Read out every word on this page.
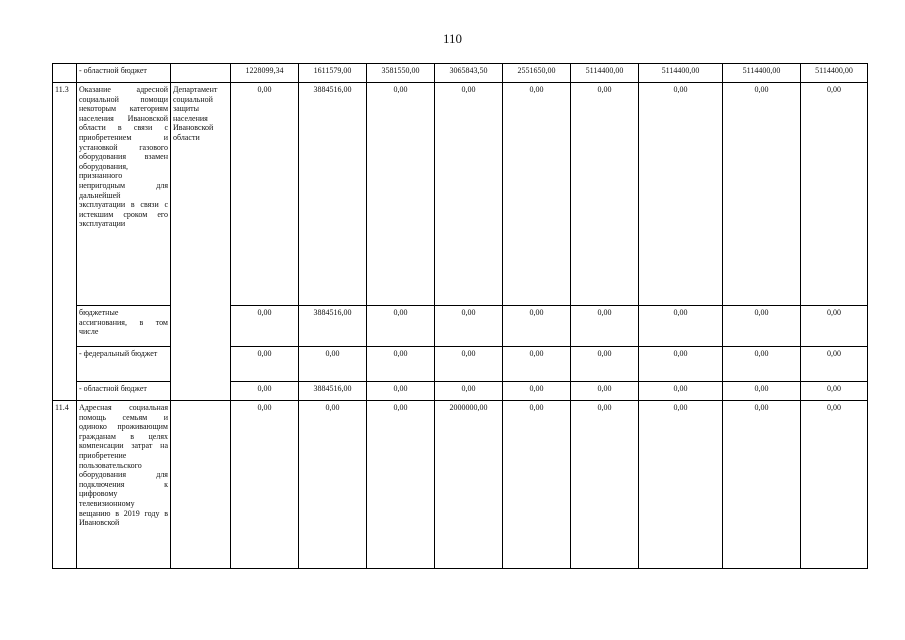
110
	- областной бюджет		1228099,34	1611579,00	3581550,00	3065843,50	2551650,00	5114400,00	5114400,00	5114400,00	5114400,00
11.3	Оказание адресной социальной помощи некоторым категориям населения Ивановской области в связи с приобретением и установкой газового оборудования взамен оборудования, признанного непригодным для дальнейшей эксплуатации в связи с истекшим сроком его эксплуатации	Департамент социальной защиты населения Ивановской области	0,00	3884516,00	0,00	0,00	0,00	0,00	0,00	0,00	0,00
	бюджетные ассигнования, в том числе		0,00	3884516,00	0,00	0,00	0,00	0,00	0,00	0,00	0,00
	- федеральный бюджет		0,00	0,00	0,00	0,00	0,00	0,00	0,00	0,00	0,00
	- областной бюджет		0,00	3884516,00	0,00	0,00	0,00	0,00	0,00	0,00	0,00
11.4	Адресная социальная помощь семьям и одиноко проживающим гражданам в целях компенсации затрат на приобретение пользовательского оборудования для подключения к цифровому телевизионному вещанию в 2019 году в Ивановской		0,00	0,00	0,00	2000000,00	0,00	0,00	0,00	0,00	0,00
